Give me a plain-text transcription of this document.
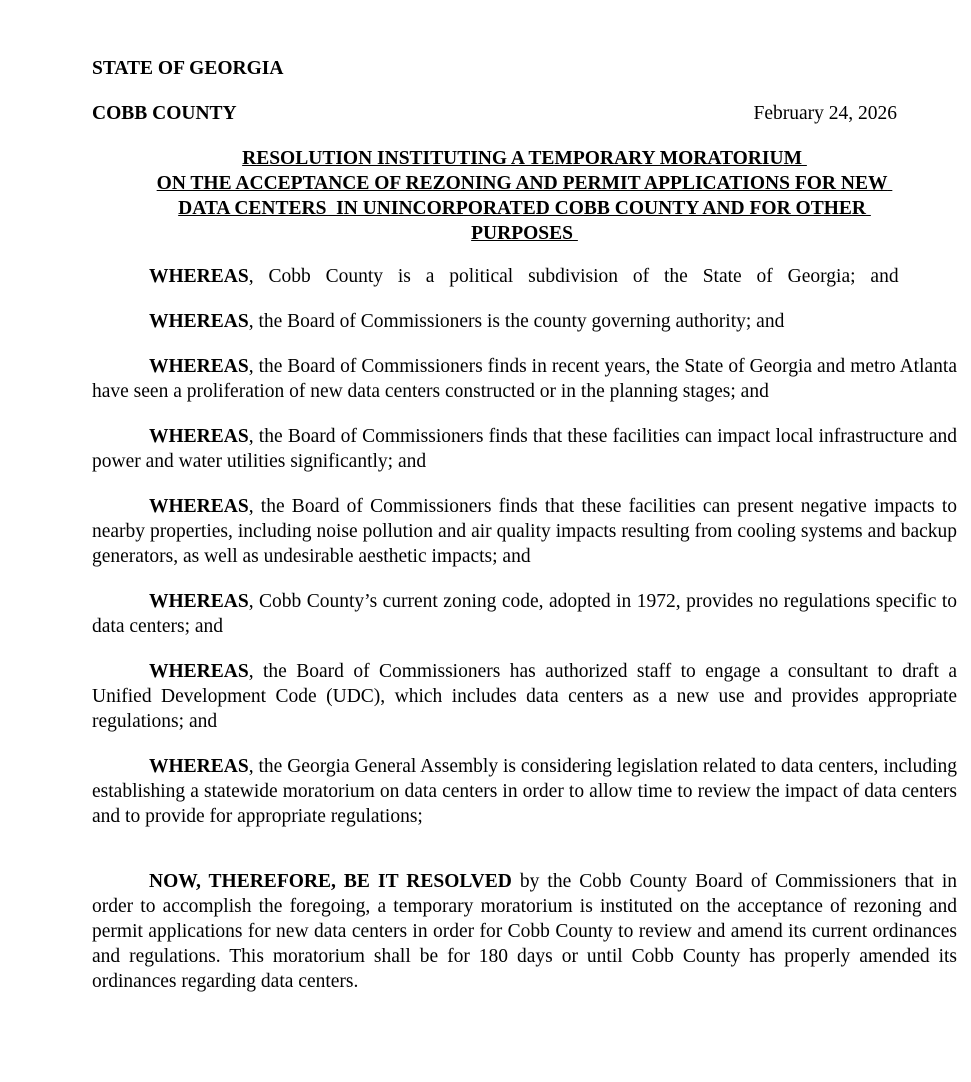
STATE OF GEORGIA

COBB COUNTY	February 24, 2026
RESOLUTION INSTITUTING A TEMPORARY MORATORIUM
ON THE ACCEPTANCE OF REZONING AND PERMIT APPLICATIONS FOR NEW
DATA CENTERS  IN UNINCORPORATED COBB COUNTY AND FOR OTHER
PURPOSES

WHEREAS, Cobb County is a political subdivision of the State of Georgia; and

WHEREAS, the Board of Commissioners is the county governing authority; and

WHEREAS, the Board of Commissioners finds in recent years, the State of Georgia and metro Atlanta have seen a proliferation of new data centers constructed or in the planning stages; and

WHEREAS, the Board of Commissioners finds that these facilities can impact local infrastructure and power and water utilities significantly; and

WHEREAS, the Board of Commissioners finds that these facilities can present negative impacts to nearby properties, including noise pollution and air quality impacts resulting from cooling systems and backup generators, as well as undesirable aesthetic impacts; and

WHEREAS, Cobb County’s current zoning code, adopted in 1972, provides no regulations specific to data centers; and

WHEREAS, the Board of Commissioners has authorized staff to engage a consultant to draft a Unified Development Code (UDC), which includes data centers as a new use and provides appropriate regulations; and

WHEREAS, the Georgia General Assembly is considering legislation related to data centers, including establishing a statewide moratorium on data centers in order to allow time to review the impact of data centers and to provide for appropriate regulations;

NOW, THEREFORE, BE IT RESOLVED by the Cobb County Board of Commissioners that in order to accomplish the foregoing, a temporary moratorium is instituted on the acceptance of rezoning and permit applications for new data centers in order for Cobb County to review and amend its current ordinances and regulations. This moratorium shall be for 180 days or until Cobb County has properly amended its ordinances regarding data centers.
